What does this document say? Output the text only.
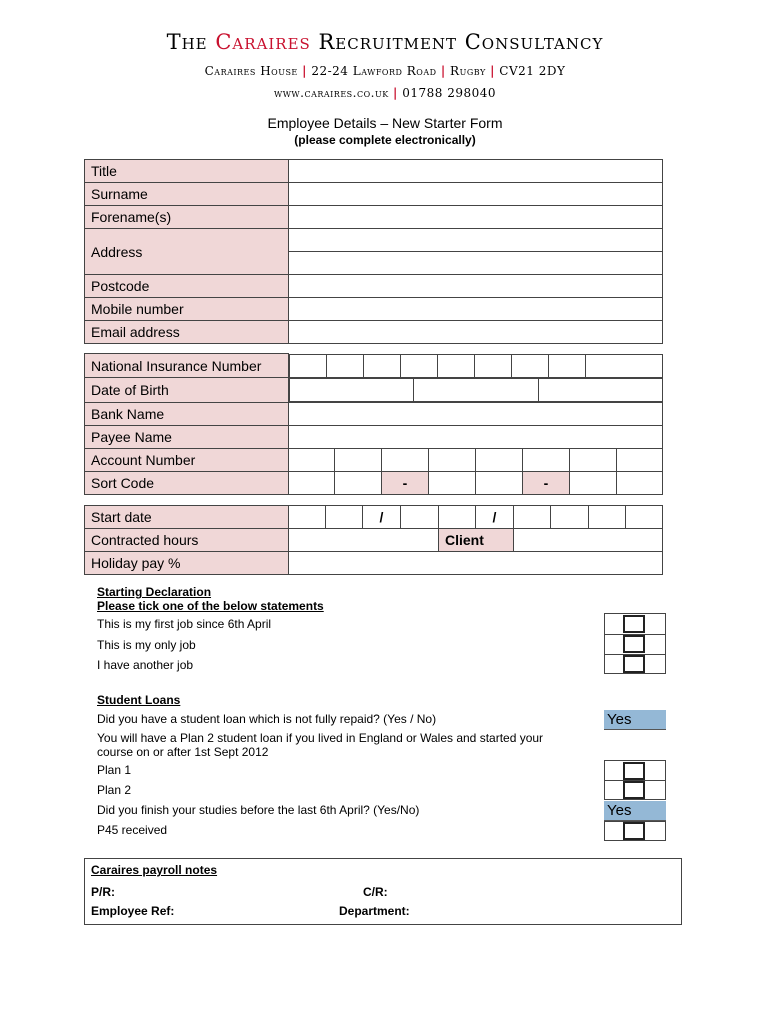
The Caraires Recruitment Consultancy
Caraires House | 22-24 Lawford Road | Rugby | CV21 2DY
www.caraires.co.uk | 01788 298040
Employee Details – New Starter Form
(please complete electronically)
Title	
Surname	
Forename(s)	
Address	

Postcode	
Mobile number	
Email address	
National Insurance Number	

Date of Birth	

Bank Name	
Payee Name	
Account Number								
Sort Code			-			-		
Start date			/			/				
Contracted hours					Client					
Holiday pay %										
Starting Declaration
Please tick one of the below statements
This is my first job since 6th April
This is my only job
I have another job
Student Loans
Did you have a student loan which is not fully repaid? (Yes / No)	Yes
You will have a Plan 2 student loan if you lived in England or Wales and started your
course on or after 1st Sept 2012
Plan 1
Plan 2
Did you finish your studies before the last 6th April? (Yes/No)	Yes
P45 received
Caraires payroll notes
P/R:	C/R:
Employee Ref:	Department:
